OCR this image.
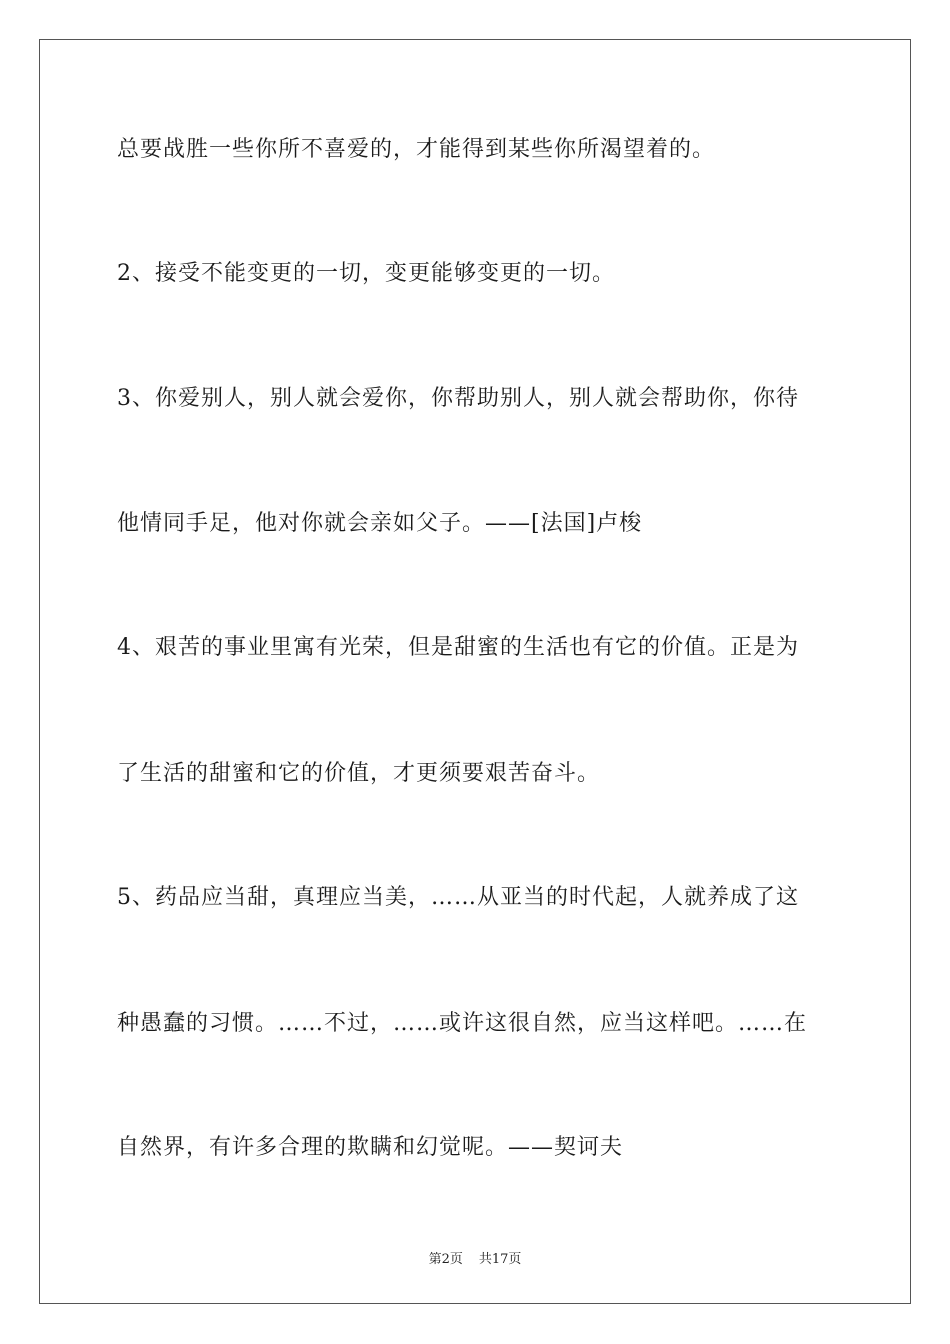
总要战胜一些你所不喜爱的，才能得到某些你所渴望着的。
2、接受不能变更的一切，变更能够变更的一切。
3、你爱别人，别人就会爱你，你帮助别人，别人就会帮助你，你待
他情同手足，他对你就会亲如父子。——[法国]卢梭
4、艰苦的事业里寓有光荣，但是甜蜜的生活也有它的价值。正是为
了生活的甜蜜和它的价值，才更须要艰苦奋斗。
5、药品应当甜，真理应当美，……从亚当的时代起，人就养成了这
种愚蠢的习惯。……不过，……或许这很自然，应当这样吧。……在
自然界，有许多合理的欺瞒和幻觉呢。——契诃夫
第2页 共17页
